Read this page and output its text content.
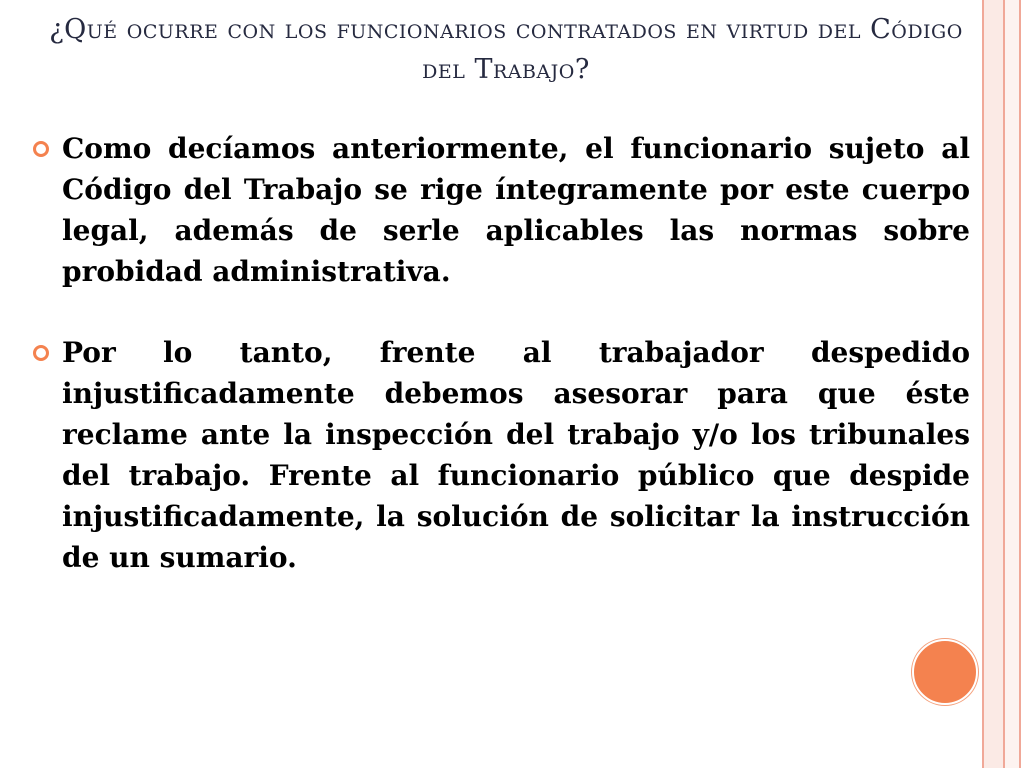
¿Qué ocurre con los funcionarios contratados en virtud del Código del Trabajo?
Como decíamos anteriormente, el funcionario sujeto al Código del Trabajo se rige íntegramente por este cuerpo legal, además de serle aplicables las normas sobre probidad administrativa.
Por lo tanto, frente al trabajador despedido injustificadamente debemos asesorar para que éste reclame ante la inspección del trabajo y/o los tribunales del trabajo. Frente al funcionario público que despide injustificadamente, la solución de solicitar la instrucción de un sumario.
